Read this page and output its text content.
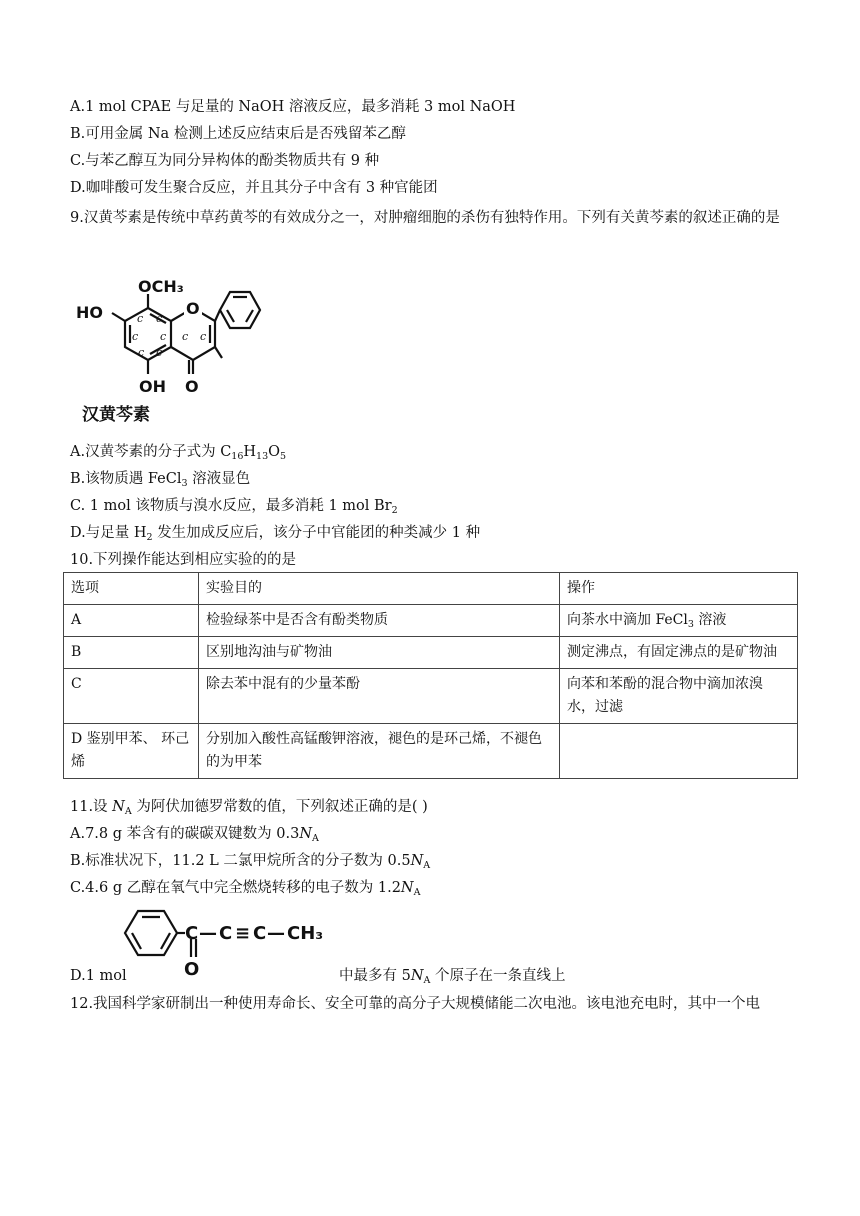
A.1 mol CPAE 与足量的 NaOH 溶液反应，最多消耗 3 mol NaOH
B.可用金属 Na 检测上述反应结束后是否残留苯乙醇
C.与苯乙醇互为同分异构体的酚类物质共有 9 种
D.咖啡酸可发生聚合反应，并且其分子中含有 3 种官能团
9.汉黄芩素是传统中草药黄芩的有效成分之一，对肿瘤细胞的杀伤有独特作用。下列有关黄芩素的叙述正确的是
OCH₃
HO	O
OH O
c c
c c
c c
c c
汉黄芩素
A.汉黄芩素的分子式为 $C_{16}H_{13}O_5$
B.该物质遇 FeCl$_3$ 溶液显色
C. 1 mol 该物质与溴水反应，最多消耗 1 mol $Br_2$
D.与足量 $H_2$ 发生加成反应后，该分子中官能团的种类减少 1 种
10.下列操作能达到相应实验的的是
选项	实验目的	操作
A	检验绿茶中是否含有酚类物质	向茶水中滴加 FeCl$_3$ 溶液
B	区别地沟油与矿物油	测定沸点，有固定沸点的是矿物油
C	除去苯中混有的少量苯酚	向苯和苯酚的混合物中滴加浓溴水，过滤
D 鉴别甲苯、 环己烯	分别加入酸性高锰酸钾溶液，褪色的是环己烯，不褪色的为甲苯	
11.设 $N_A$ 为阿伏加德罗常数的值，下列叙述正确的是( )
A.7.8 g 苯含有的碳碳双键数为 $0.3N_A$
B.标准状况下，11.2 L 二氯甲烷所含的分子数为 $0.5N_A$
C.4.6 g 乙醇在氧气中完全燃烧转移的电子数为 $1.2N_A$
C — C ≡ C — CH₃
O
D.1 mol	中最多有 $5N_A$ 个原子在一条直线上
12.我国科学家研制出一种使用寿命长、安全可靠的高分子大规模储能二次电池。该电池充电时，其中一个电
